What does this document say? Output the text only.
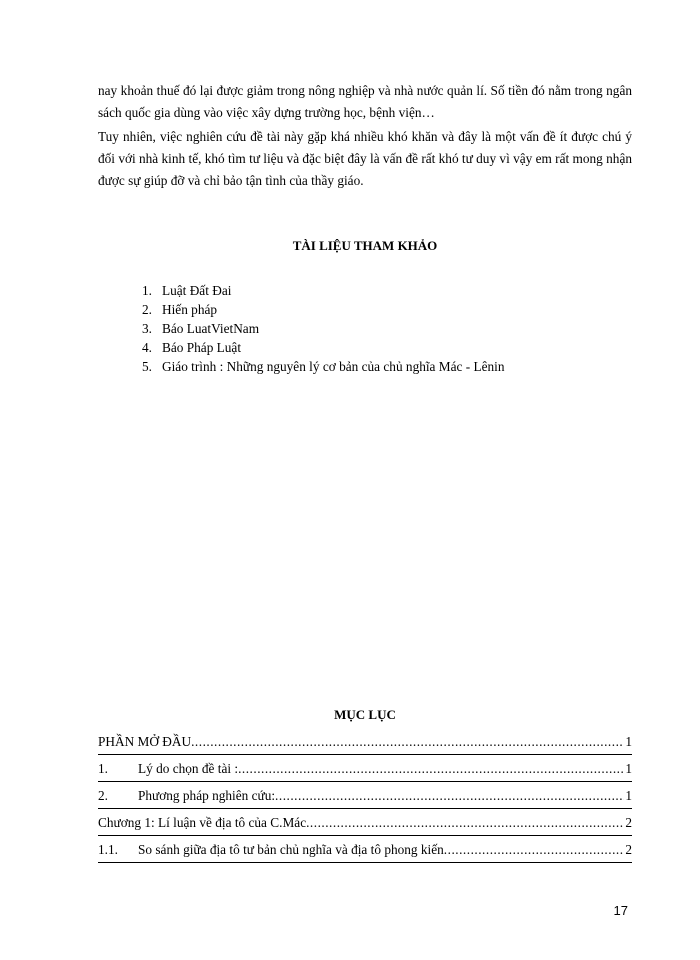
nay khoản thuế đó lại được giảm trong nông nghiệp và nhà nước quản lí. Số tiền đó nằm trong ngân sách quốc gia dùng vào việc xây dựng trường học, bệnh viện…

Tuy nhiên, việc nghiên cứu đề tài này gặp khá nhiều khó khăn và đây là một vấn đề ít được chú ý đối với nhà kinh tế, khó tìm tư liệu và đặc biệt đây là vấn đề rất khó tư duy vì vậy em rất mong nhận được sự giúp đỡ và chỉ bảo tận tình của thầy giáo.

TÀI LIỆU THAM KHẢO
1. Luật Đất Đai
2. Hiến pháp
3. Báo LuatVietNam
4. Báo Pháp Luật
5. Giáo trình : Những nguyên lý cơ bản của chủ nghĩa Mác - Lênin
MỤC LỤC
PHẦN MỞ ĐẦU .....	1
1.	Lý do chọn đề tài : .....	1
2.	Phương pháp nghiên cứu: .....	1
Chương 1: Lí luận về địa tô của C.Mác .....	2
1.1.	So sánh giữa địa tô tư bản chủ nghĩa và địa tô phong kiến .....	2
17
